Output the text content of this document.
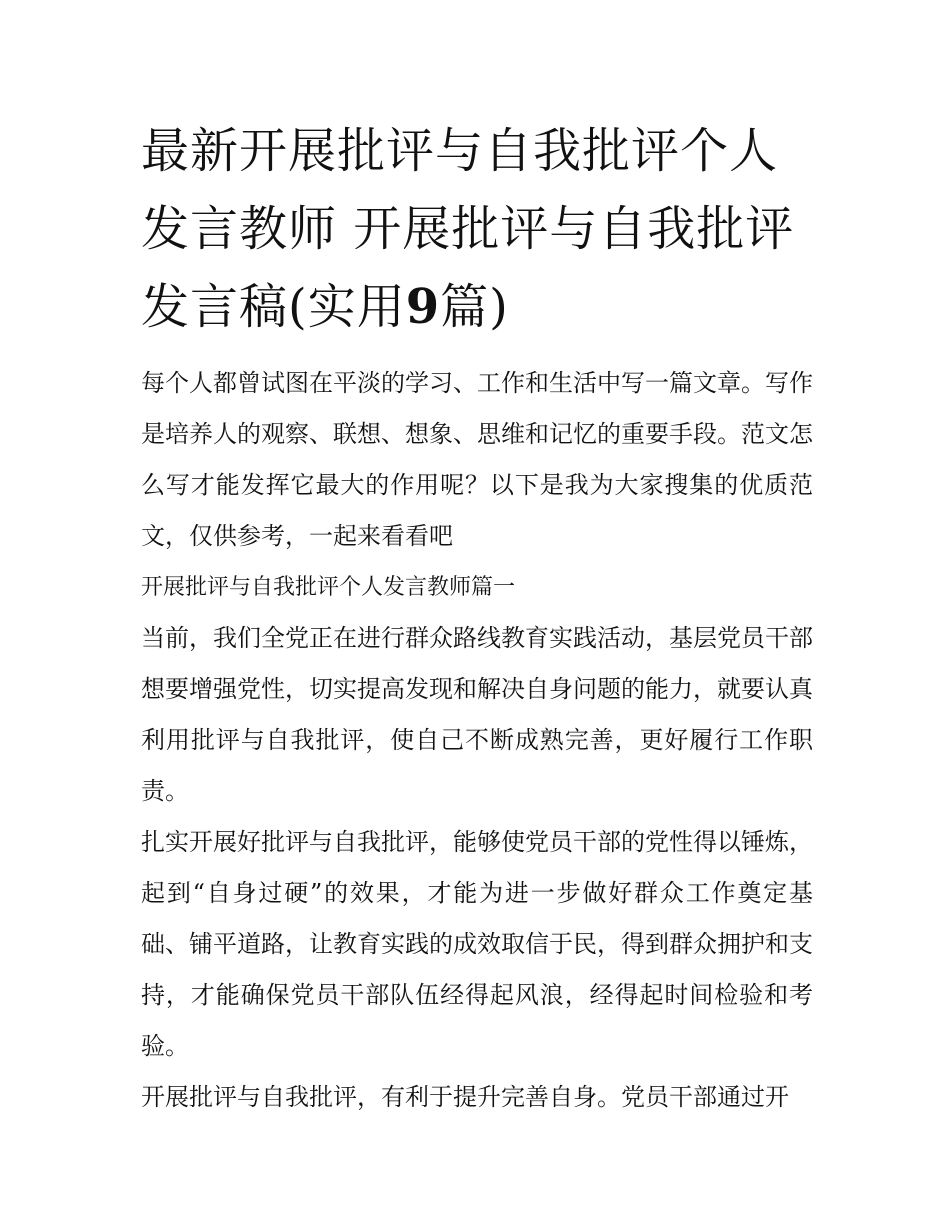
最新开展批评与自我批评个人
发言教师 开展批评与自我批评
发言稿(实用9篇)

每个人都曾试图在平淡的学习、工作和生活中写一篇文章。写作是培养人的观察、联想、想象、思维和记忆的重要手段。范文怎么写才能发挥它最大的作用呢？以下是我为大家搜集的优质范文，仅供参考，一起来看看吧

开展批评与自我批评个人发言教师篇一

当前，我们全党正在进行群众路线教育实践活动，基层党员干部想要增强党性，切实提高发现和解决自身问题的能力，就要认真利用批评与自我批评，使自己不断成熟完善，更好履行工作职责。

扎实开展好批评与自我批评，能够使党员干部的党性得以锤炼，起到“自身过硬”的效果，才能为进一步做好群众工作奠定基础、铺平道路，让教育实践的成效取信于民，得到群众拥护和支持，才能确保党员干部队伍经得起风浪，经得起时间检验和考验。

开展批评与自我批评，有利于提升完善自身。党员干部通过开
